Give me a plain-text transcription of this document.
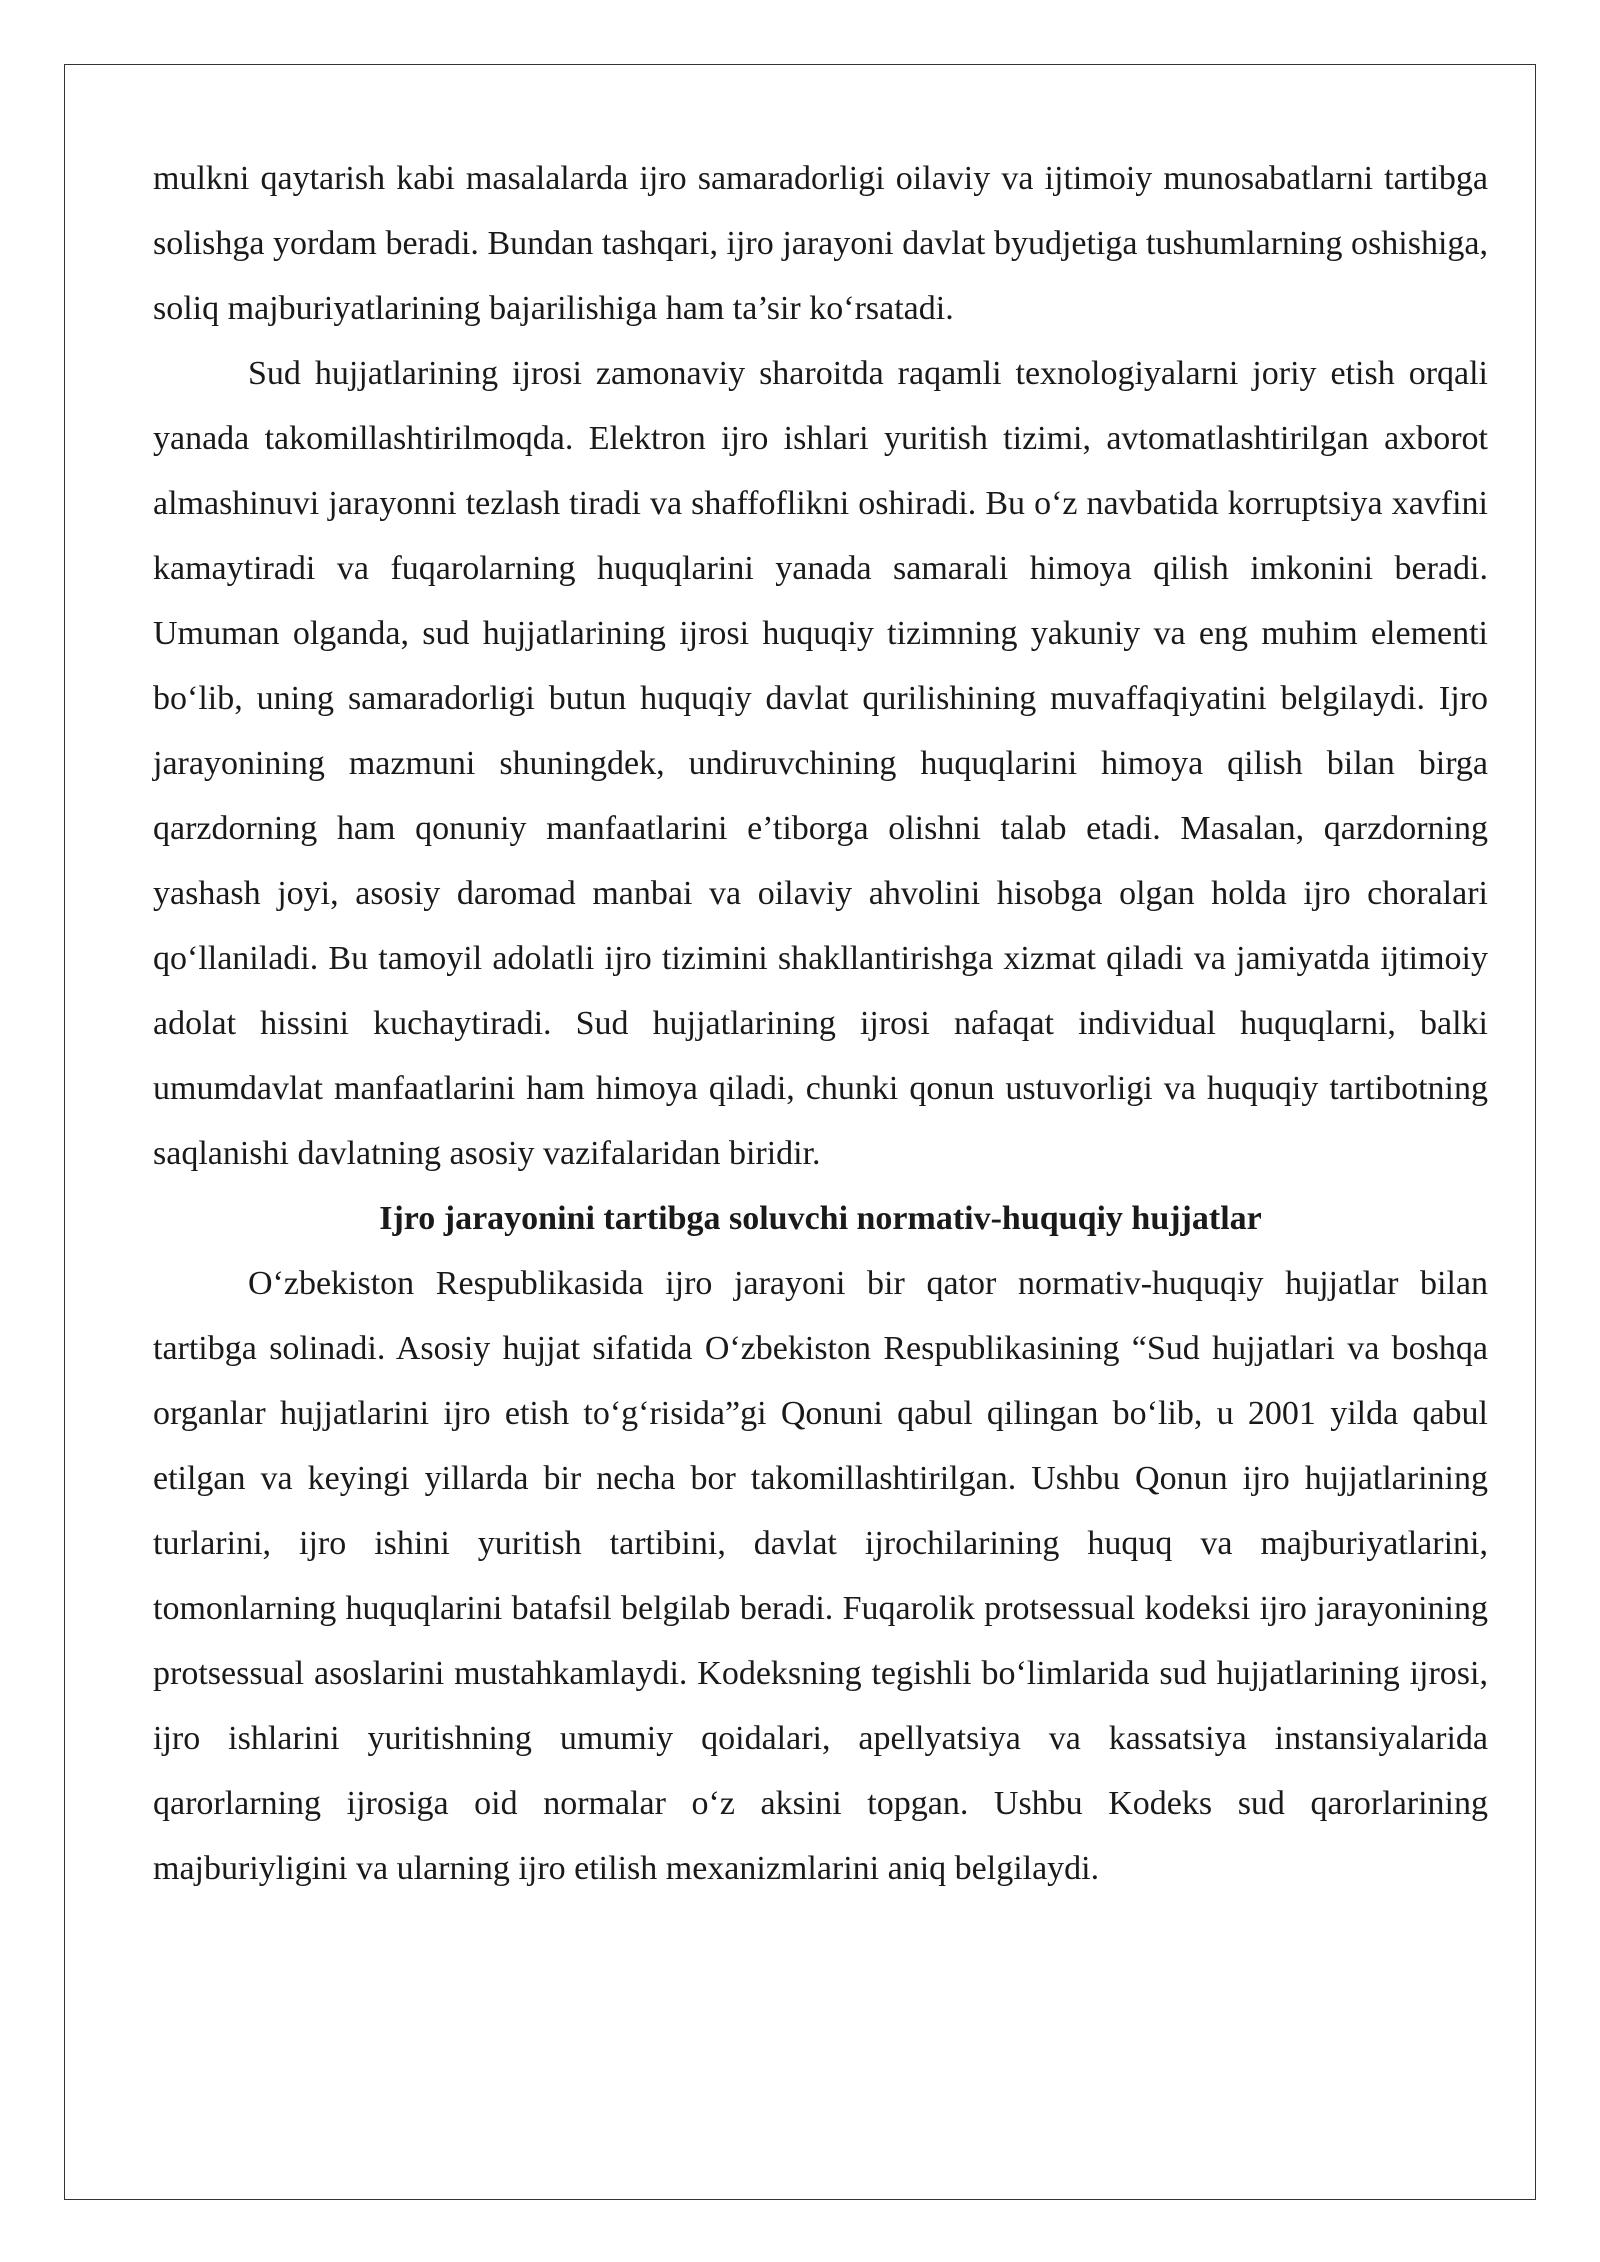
mulkni qaytarish kabi masalalarda ijro samaradorligi oilaviy va ijtimoiy munosabatlarni tartibga solishga yordam beradi. Bundan tashqari, ijro jarayoni davlat byudjetiga tushumlarning oshishiga, soliq majburiyatlarining bajarilishiga ham ta’sir ko‘rsatadi.

Sud hujjatlarining ijrosi zamonaviy sharoitda raqamli texnologiyalarni joriy etish orqali yanada takomillashtirilmoqda. Elektron ijro ishlari yuritish tizimi, avtomatlashtirilgan axborot almashinuvi jarayonni tezlash tiradi va shaffoflikni oshiradi. Bu o‘z navbatida korruptsiya xavfini kamaytiradi va fuqarolarning huquqlarini yanada samarali himoya qilish imkonini beradi. Umuman olganda, sud hujjatlarining ijrosi huquqiy tizimning yakuniy va eng muhim elementi bo‘lib, uning samaradorligi butun huquqiy davlat qurilishining muvaffaqiyatini belgilaydi. Ijro jarayonining mazmuni shuningdek, undiruvchining huquqlarini himoya qilish bilan birga qarzdorning ham qonuniy manfaatlarini e’tiborga olishni talab etadi. Masalan, qarzdorning yashash joyi, asosiy daromad manbai va oilaviy ahvolini hisobga olgan holda ijro choralari qo‘llaniladi. Bu tamoyil adolatli ijro tizimini shakllantirishga xizmat qiladi va jamiyatda ijtimoiy adolat hissini kuchaytiradi. Sud hujjatlarining ijrosi nafaqat individual huquqlarni, balki umumdavlat manfaatlarini ham himoya qiladi, chunki qonun ustuvorligi va huquqiy tartibotning saqlanishi davlatning asosiy vazifalaridan biridir.

Ijro jarayonini tartibga soluvchi normativ-huquqiy hujjatlar

O‘zbekiston Respublikasida ijro jarayoni bir qator normativ-huquqiy hujjatlar bilan tartibga solinadi. Asosiy hujjat sifatida O‘zbekiston Respublikasining “Sud hujjatlari va boshqa organlar hujjatlarini ijro etish to‘g‘risida”gi Qonuni qabul qilingan bo‘lib, u 2001 yilda qabul etilgan va keyingi yillarda bir necha bor takomillashtirilgan. Ushbu Qonun ijro hujjatlarining turlarini, ijro ishini yuritish tartibini, davlat ijrochilarining huquq va majburiyatlarini, tomonlarning huquqlarini batafsil belgilab beradi. Fuqarolik protsessual kodeksi ijro jarayonining protsessual asoslarini mustahkamlaydi. Kodeksning tegishli bo‘limlarida sud hujjatlarining ijrosi, ijro ishlarini yuritishning umumiy qoidalari, apellyatsiya va kassatsiya instansiyalarida qarorlarning ijrosiga oid normalar o‘z aksini topgan. Ushbu Kodeks sud qarorlarining majburiyligini va ularning ijro etilish mexanizmlarini aniq belgilaydi.
